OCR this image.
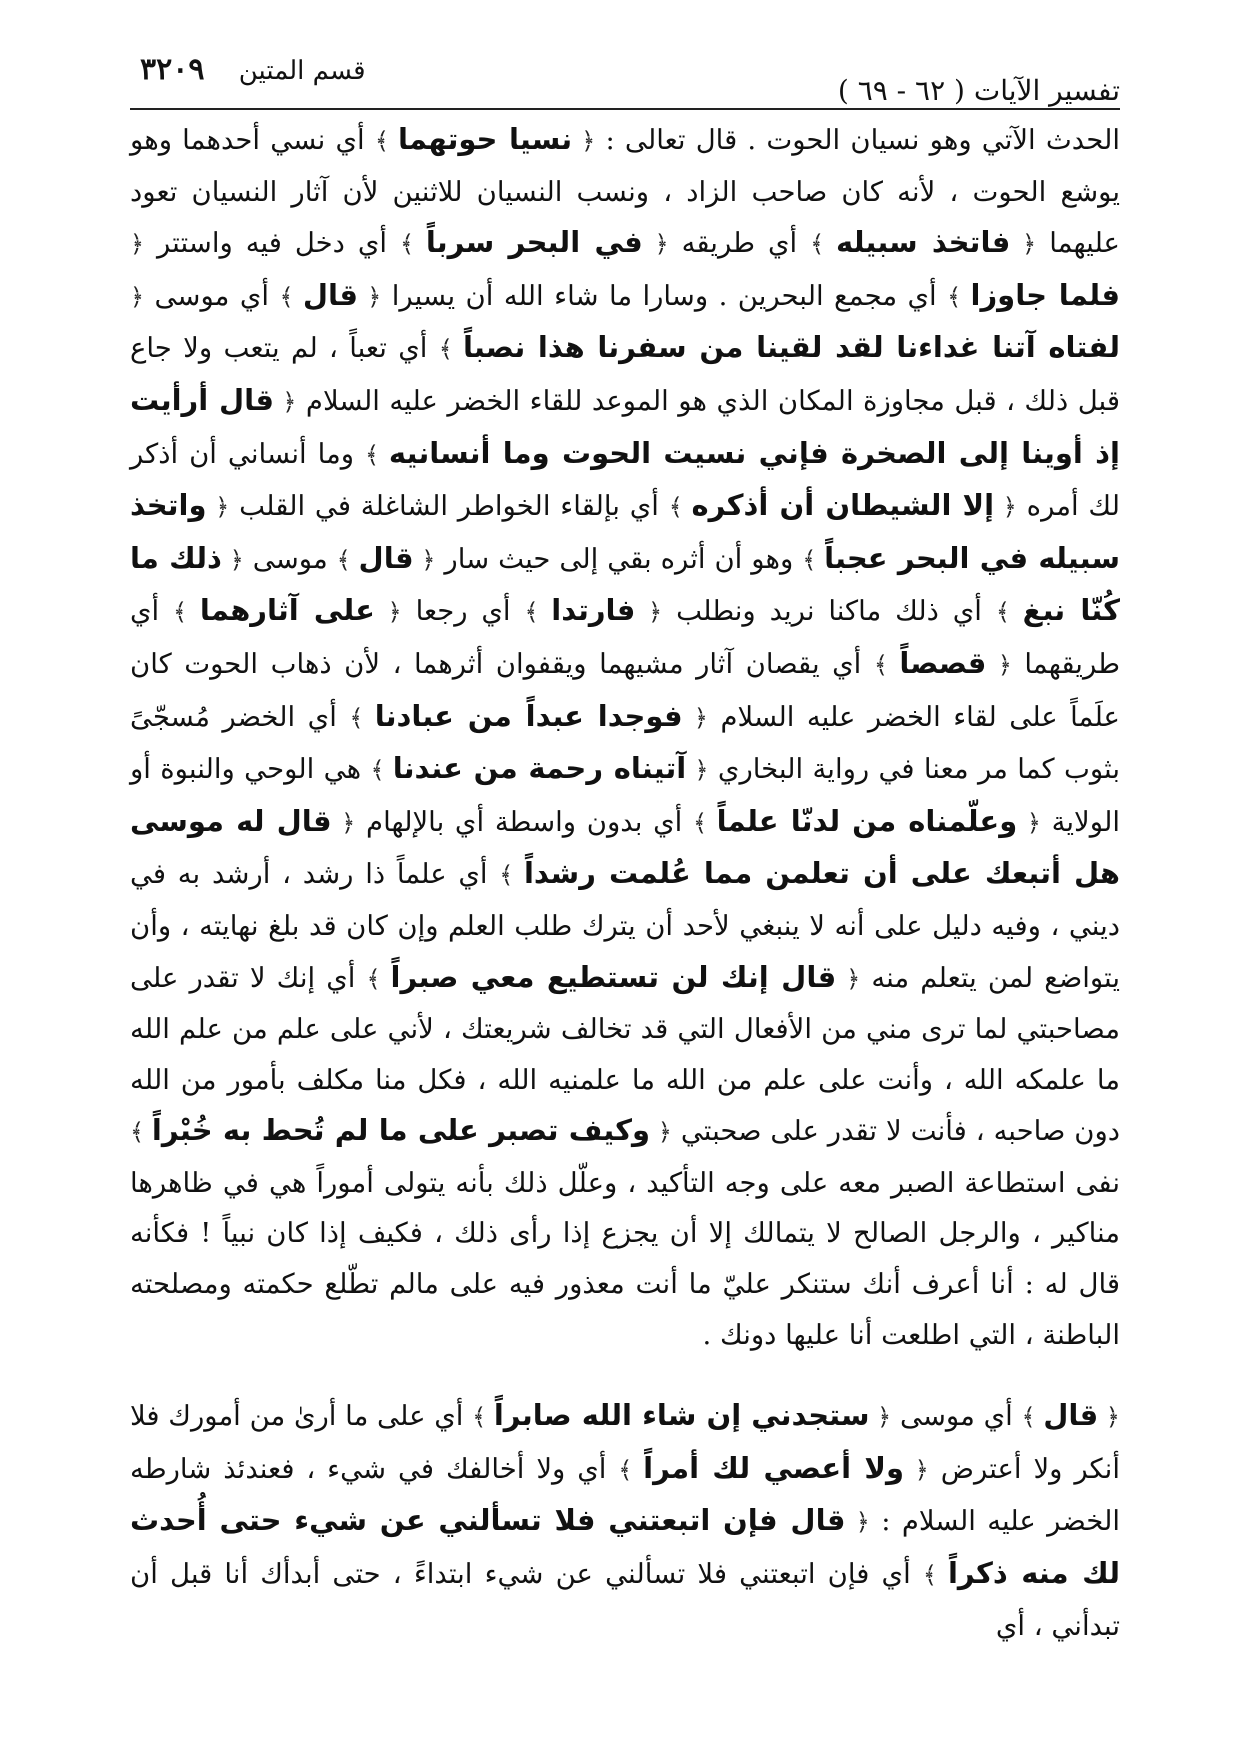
تفسير الآيات ( ٦٢ - ٦٩ )
قسم المتين ٣٢٠٩

الحدث الآتي وهو نسيان الحوت . قال تعالى : ﴿ نسيا حوتهما ﴾ أي نسي أحدهما وهو يوشع الحوت ، لأنه كان صاحب الزاد ، ونسب النسيان للاثنين لأن آثار النسيان تعود عليهما ﴿ فاتخذ سبيله ﴾ أي طريقه ﴿ في البحر سرباً ﴾ أي دخل فيه واستتر ﴿ فلما جاوزا ﴾ أي مجمع البحرين . وسارا ما شاء الله أن يسيرا ﴿ قال ﴾ أي موسى ﴿ لفتاه آتنا غداءنا لقد لقينا من سفرنا هذا نصباً ﴾ أي تعباً ، لم يتعب ولا جاع قبل ذلك ، قبل مجاوزة المكان الذي هو الموعد للقاء الخضر عليه السلام ﴿ قال أرأيت إذ أوينا إلى الصخرة فإني نسيت الحوت وما أنسانيه ﴾ وما أنساني أن أذكر لك أمره ﴿ إلا الشيطان أن أذكره ﴾ أي بإلقاء الخواطر الشاغلة في القلب ﴿ واتخذ سبيله في البحر عجباً ﴾ وهو أن أثره بقي إلى حيث سار ﴿ قال ﴾ موسى ﴿ ذلك ما كُنّا نبغ ﴾ أي ذلك ماكنا نريد ونطلب ﴿ فارتدا ﴾ أي رجعا ﴿ على آثارهما ﴾ أي طريقهما ﴿ قصصاً ﴾ أي يقصان آثار مشيهما ويقفوان أثرهما ، لأن ذهاب الحوت كان علَماً على لقاء الخضر عليه السلام ﴿ فوجدا عبداً من عبادنا ﴾ أي الخضر مُسجّىً بثوب كما مر معنا في رواية البخاري ﴿ آتيناه رحمة من عندنا ﴾ هي الوحي والنبوة أو الولاية ﴿ وعلّمناه من لدنّا علماً ﴾ أي بدون واسطة أي بالإلهام ﴿ قال له موسى هل أتبعك على أن تعلمن مما عُلمت رشداً ﴾ أي علماً ذا رشد ، أرشد به في ديني ، وفيه دليل على أنه لا ينبغي لأحد أن يترك طلب العلم وإن كان قد بلغ نهايته ، وأن يتواضع لمن يتعلم منه ﴿ قال إنك لن تستطيع معي صبراً ﴾ أي إنك لا تقدر على مصاحبتي لما ترى مني من الأفعال التي قد تخالف شريعتك ، لأني على علم من علم الله ما علمكه الله ، وأنت على علم من الله ما علمنيه الله ، فكل منا مكلف بأمور من الله دون صاحبه ، فأنت لا تقدر على صحبتي ﴿ وكيف تصبر على ما لم تُحط به خُبْراً ﴾ نفى استطاعة الصبر معه على وجه التأكيد ، وعلّل ذلك بأنه يتولى أموراً هي في ظاهرها مناكير ، والرجل الصالح لا يتمالك إلا أن يجزع إذا رأى ذلك ، فكيف إذا كان نبياً ! فكأنه قال له : أنا أعرف أنك ستنكر عليّ ما أنت معذور فيه على مالم تطّلع حكمته ومصلحته الباطنة ، التي اطلعت أنا عليها دونك .

﴿ قال ﴾ أي موسى ﴿ ستجدني إن شاء الله صابراً ﴾ أي على ما أرىٰ من أمورك فلا أنكر ولا أعترض ﴿ ولا أعصي لك أمراً ﴾ أي ولا أخالفك في شيء ، فعندئذ شارطه الخضر عليه السلام : ﴿ قال فإن اتبعتني فلا تسألني عن شيء حتى أُحدث لك منه ذكراً ﴾ أي فإن اتبعتني فلا تسألني عن شيء ابتداءً ، حتى أبدأك أنا قبل أن تبدأني ، أي
